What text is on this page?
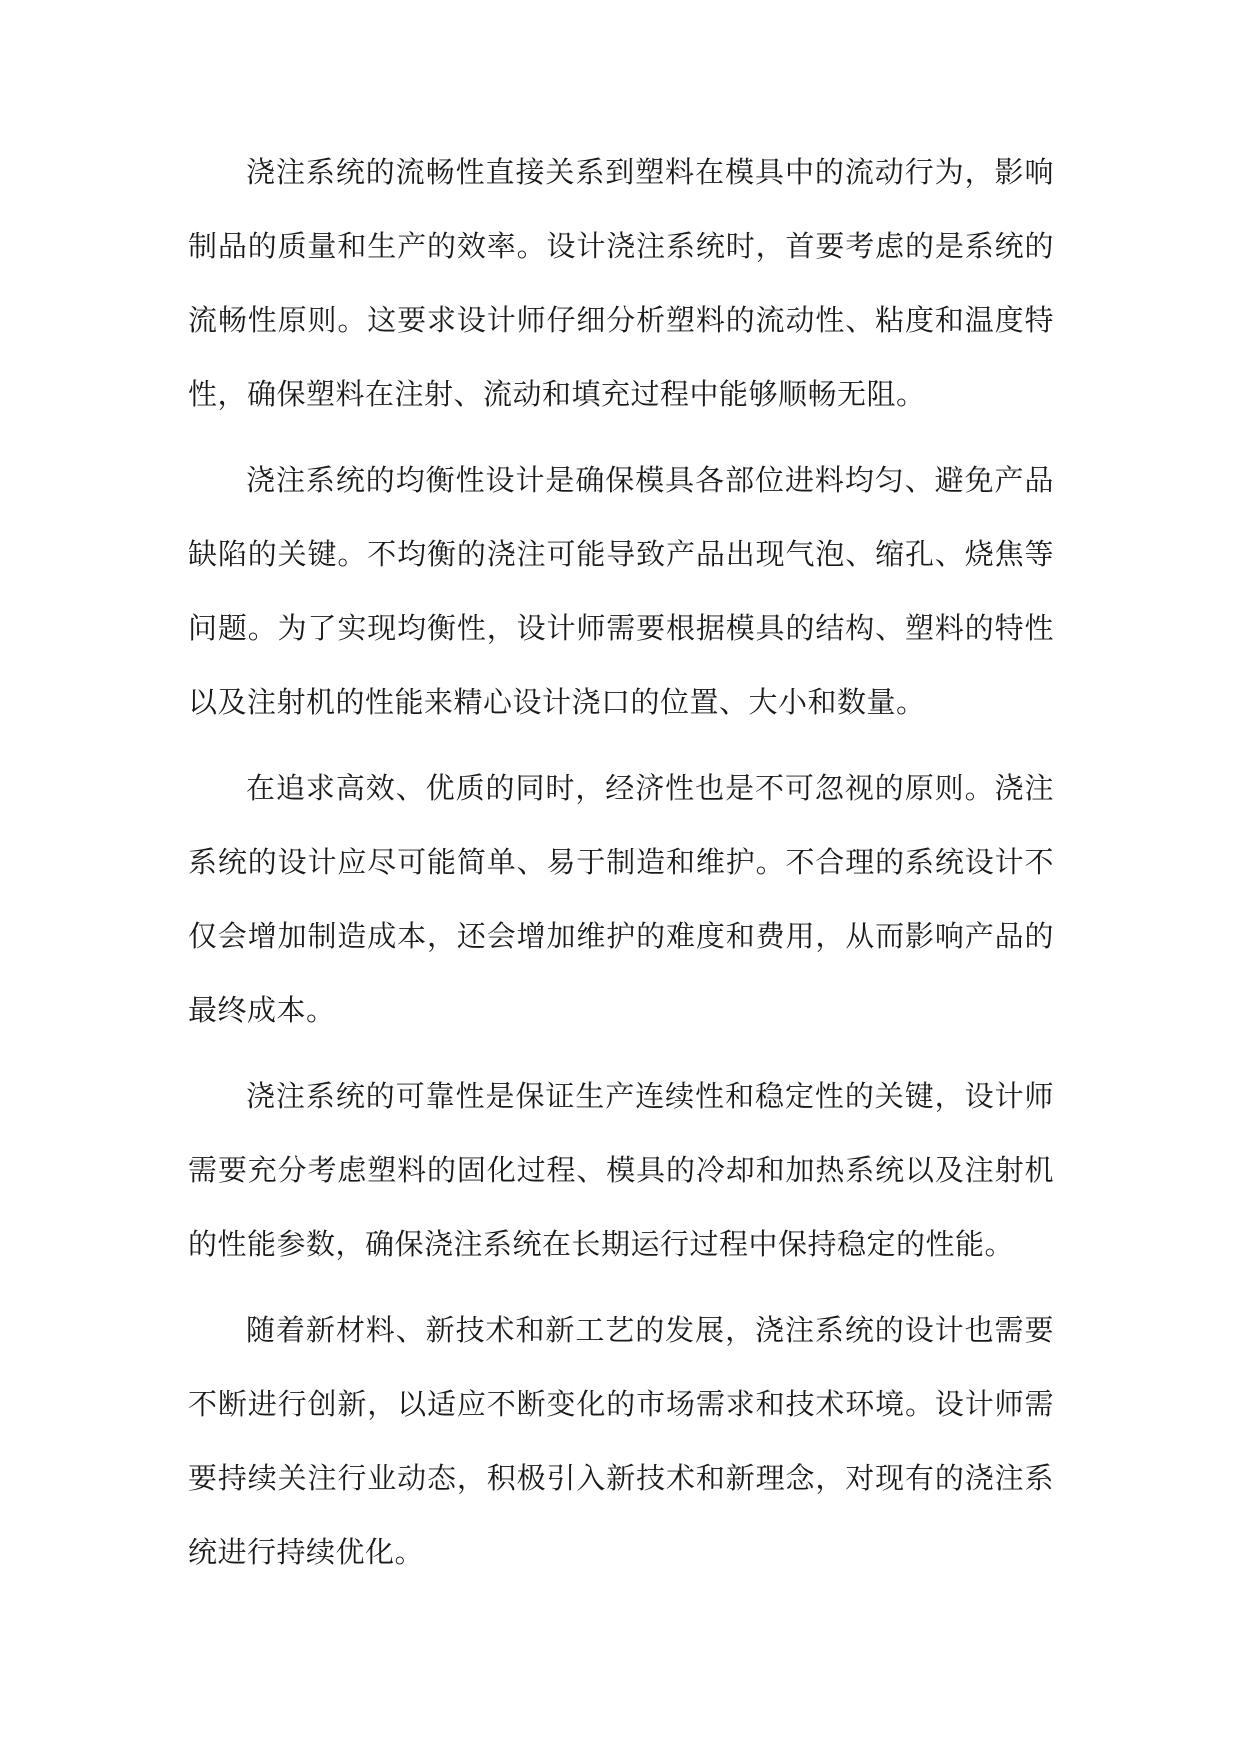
浇注系统的流畅性直接关系到塑料在模具中的流动行为，影响制品的质量和生产的效率。设计浇注系统时，首要考虑的是系统的流畅性原则。这要求设计师仔细分析塑料的流动性、粘度和温度特性，确保塑料在注射、流动和填充过程中能够顺畅无阻。

浇注系统的均衡性设计是确保模具各部位进料均匀、避免产品缺陷的关键。不均衡的浇注可能导致产品出现气泡、缩孔、烧焦等问题。为了实现均衡性，设计师需要根据模具的结构、塑料的特性以及注射机的性能来精心设计浇口的位置、大小和数量。

在追求高效、优质的同时，经济性也是不可忽视的原则。浇注系统的设计应尽可能简单、易于制造和维护。不合理的系统设计不仅会增加制造成本，还会增加维护的难度和费用，从而影响产品的最终成本。

浇注系统的可靠性是保证生产连续性和稳定性的关键，设计师需要充分考虑塑料的固化过程、模具的冷却和加热系统以及注射机的性能参数，确保浇注系统在长期运行过程中保持稳定的性能。

随着新材料、新技术和新工艺的发展，浇注系统的设计也需要不断进行创新，以适应不断变化的市场需求和技术环境。设计师需要持续关注行业动态，积极引入新技术和新理念，对现有的浇注系统进行持续优化。
